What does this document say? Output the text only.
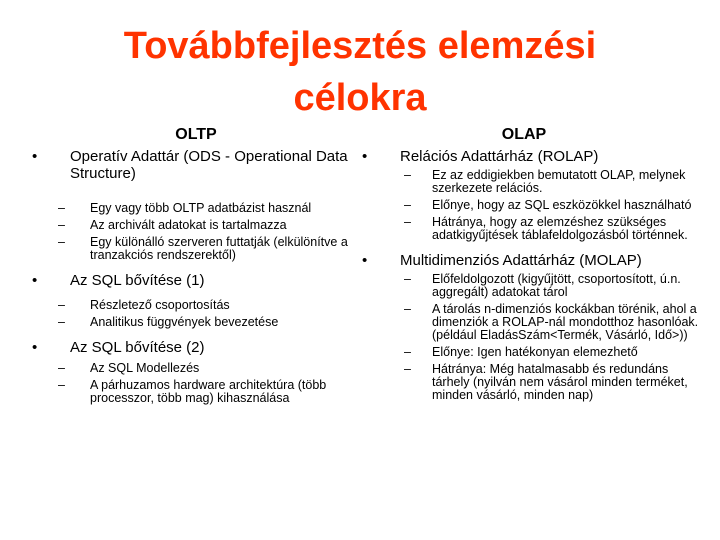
Továbbfejlesztés elemzési
célokra
OLTP
• Operatív Adattár (ODS - Operational Data Structure)
– Egy vagy több OLTP adatbázist használ
– Az archivált adatokat is tartalmazza
– Egy különálló szerveren futtatják (elkülönítve a tranzakciós rendszerektől)
• Az SQL bővítése (1)
– Részletező csoportosítás
– Analitikus függvények bevezetése
• Az SQL bővítése (2)
– Az SQL Modellezés
– A párhuzamos hardware architektúra (több processzor, több mag) kihasználása
OLAP
• Relációs Adattárház (ROLAP)
– Ez az eddigiekben bemutatott OLAP, melynek szerkezete relációs.
– Előnye, hogy az SQL eszközökkel használható
– Hátránya, hogy az elemzéshez szükséges adatkigyűjtések táblafeldolgozásból történnek.
• Multidimenziós Adattárház (MOLAP)
– Előfeldolgozott (kigyűjtött, csoportosított, ú.n. aggregált) adatokat tárol
– A tárolás n-dimenziós kockákban törénik, ahol a dimenziók a ROLAP-nál mondotthoz hasonlóak. (például EladásSzám<Termék, Vásárló, Idő>))
– Előnye: Igen hatékonyan elemezhető
– Hátránya: Még hatalmasabb és redundáns tárhely (nyilván nem vásárol minden terméket, minden vásárló, minden nap)
